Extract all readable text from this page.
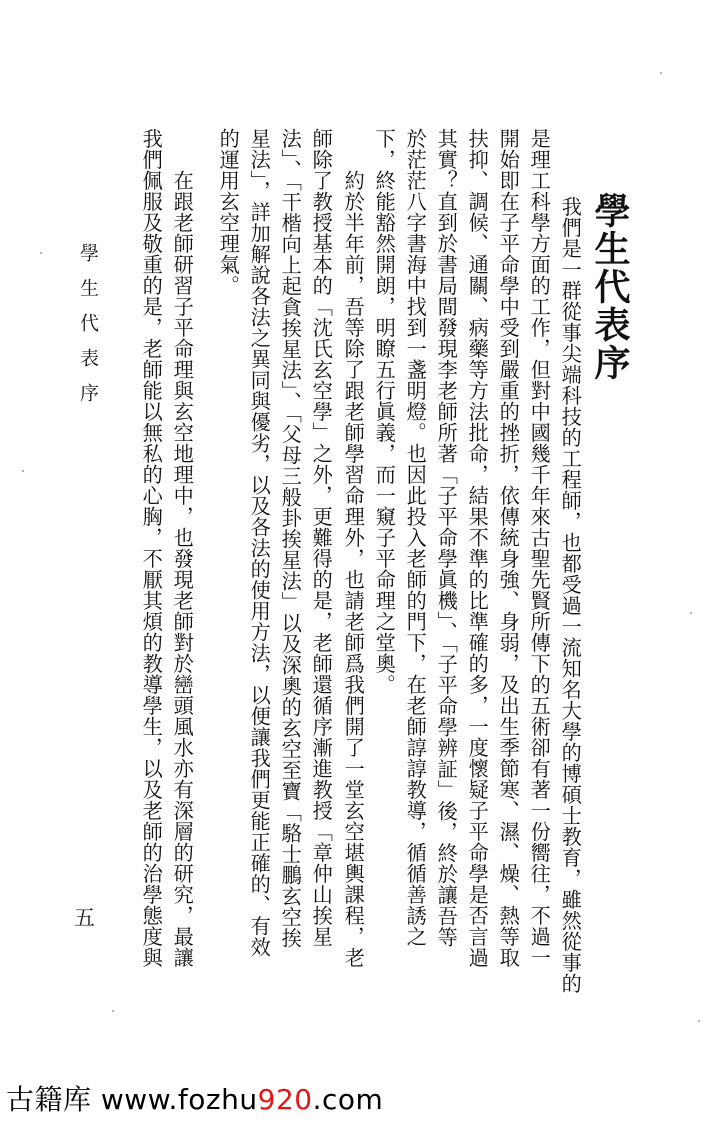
學生代表序
我們是一群從事尖端科技的工程師，也都受過一流知名大學的博碩士教育，雖然從事的
是理工科學方面的工作，但對中國幾千年來古聖先賢所傳下的五術卻有著一份嚮往，不過一
開始即在子平命學中受到嚴重的挫折，依傳統身強、身弱，及出生季節寒、濕、燥、熱等取
扶抑、調候、通關、病藥等方法批命，結果不準的比準確的多，一度懷疑子平命學是否言過
其實？直到於書局間發現李老師所著「子平命學眞機」、「子平命學辨証」後，終於讓吾等
於茫茫八字書海中找到一盞明燈。也因此投入老師的門下，在老師諄諄教導，循循善誘之
下，終能豁然開朗，明瞭五行眞義，而一窺子平命理之堂奧。
約於半年前，吾等除了跟老師學習命理外，也請老師爲我們開了一堂玄空堪輿課程，老
師除了教授基本的「沈氏玄空學」之外，更難得的是，老師還循序漸進教授「章仲山挨星
法」、「干楷向上起貪挨星法」、「父母三般卦挨星法」以及深奧的玄空至寶「駱士鵬玄空挨
星法」，詳加解說各法之異同與優劣，以及各法的使用方法，以便讓我們更能正確的、有效
的運用玄空理氣。
在跟老師研習子平命理與玄空地理中，也發現老師對於巒頭風水亦有深層的研究，最讓
我們佩服及敬重的是，老師能以無私的心胸，不厭其煩的教導學生，以及老師的治學態度與
學生代表序
五
古籍库 www.fozhu920.com
